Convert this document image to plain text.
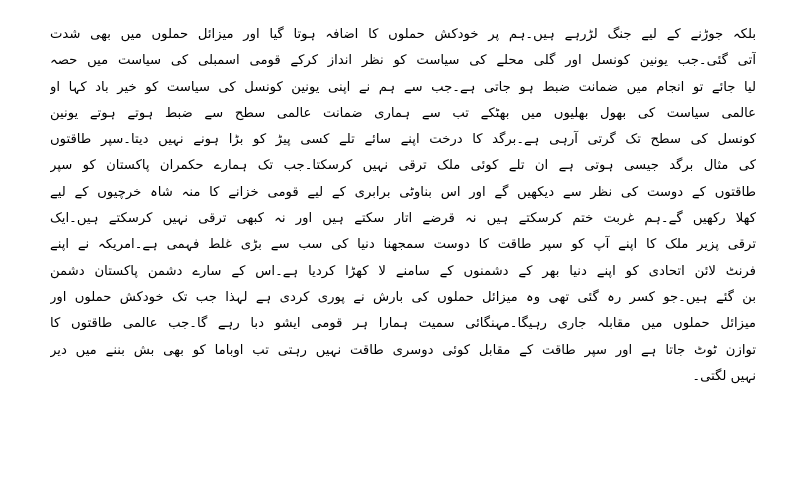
بلکہ جوڑنے کے لیے جنگ لڑرہے ہیں۔ہم پر خودکش حملوں کا اضافہ ہوتا گیا اور میزائل حملوں میں بھی شدت
آتی گئی۔جب یونین کونسل اور گلی محلے کی سیاست کو نظر انداز کرکے قومی اسمبلی کی سیاست میں حصہ
لیا جائے تو انجام میں ضمانت ضبط ہو جاتی ہے۔جب سے ہم نے اپنی یونین کونسل کی سیاست کو خیر باد کہا او
عالمی سیاست کی بھول بھلیوں میں بھٹکے تب سے ہماری ضمانت عالمی سطح سے ضبط ہوتے ہوتے یونین
کونسل کی سطح تک گرتی آرہی ہے۔برگد کا درخت اپنے سائے تلے کسی پیڑ کو بڑا ہونے نہیں دیتا۔سپر طاقتوں
کی مثال برگد جیسی ہوتی ہے ان تلے کوئی ملک ترقی نہیں کرسکتا۔جب تک ہمارے حکمران پاکستان کو سپر
طاقتوں کے دوست کی نظر سے دیکھیں گے اور اس بناوٹی برابری کے لیے قومی خزانے کا منہ شاہ خرچیوں کے لیے
کھلا رکھیں گے۔ہم غربت ختم کرسکتے ہیں نہ قرضے اتار سکتے ہیں اور نہ کبھی ترقی نہیں کرسکتے ہیں۔ایک
ترقی پزیر ملک کا اپنے آپ کو سپر طاقت کا دوست سمجھنا دنیا کی سب سے بڑی غلط فہمی ہے۔امریکہ نے اپنے
فرنٹ لائن اتحادی کو اپنے دنیا بھر کے دشمنوں کے سامنے لا کھڑا کردیا ہے۔اس کے سارے دشمن پاکستان دشمن
بن گئے ہیں۔جو کسر رہ گئی تھی وہ میزائل حملوں کی بارش نے پوری کردی ہے لہذا جب تک خودکش حملوں اور
میزائل حملوں میں مقابلہ جاری رہیگا۔مہنگائی سمیت ہمارا ہر قومی ایشو دبا رہے گا۔جب عالمی طاقتوں کا
توازن ٹوٹ جاتا ہے اور سپر طاقت کے مقابل کوئی دوسری طاقت نہیں رہتی تب اوباما کو بھی بش بننے میں دیر
نہیں لگتی۔
